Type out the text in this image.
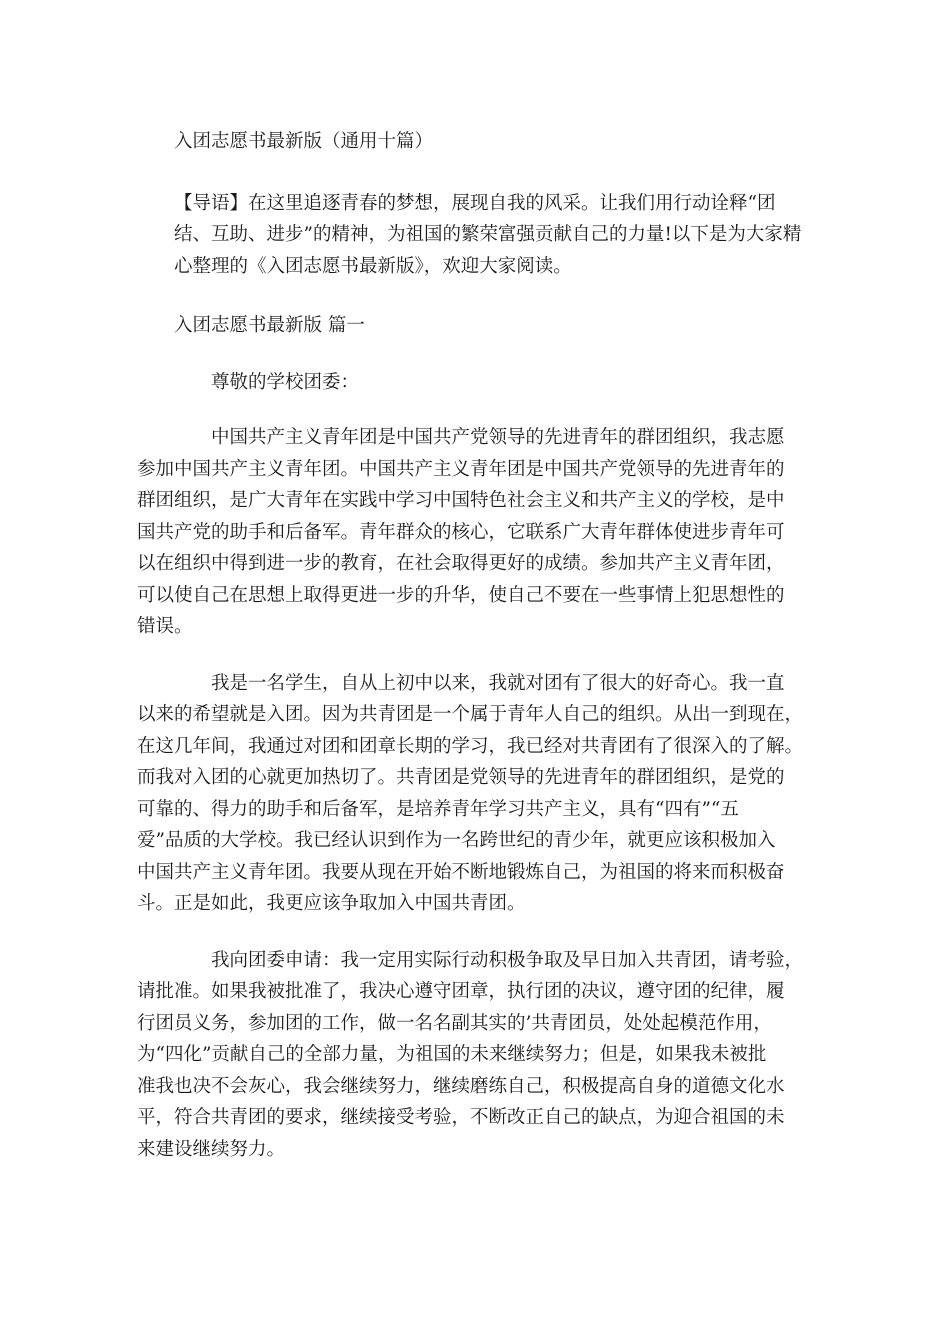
入团志愿书最新版（通用十篇）

【导语】在这里追逐青春的梦想，展现自我的风采。让我们用行动诠释“团

结、互助、进步”的精神，为祖国的繁荣富强贡献自己的力量!以下是为大家精

心整理的《入团志愿书最新版》，欢迎大家阅读。

入团志愿书最新版 篇一

尊敬的学校团委：

中国共产主义青年团是中国共产党领导的先进青年的群团组织，我志愿

参加中国共产主义青年团。中国共产主义青年团是中国共产党领导的先进青年的

群团组织，是广大青年在实践中学习中国特色社会主义和共产主义的学校，是中

国共产党的助手和后备军。青年群众的核心，它联系广大青年群体使进步青年可

以在组织中得到进一步的教育，在社会取得更好的成绩。参加共产主义青年团，

可以使自己在思想上取得更进一步的升华，使自己不要在一些事情上犯思想性的

错误。

我是一名学生，自从上初中以来，我就对团有了很大的好奇心。我一直

以来的希望就是入团。因为共青团是一个属于青年人自己的组织。从出一到现在，

在这几年间，我通过对团和团章长期的学习，我已经对共青团有了很深入的了解。

而我对入团的心就更加热切了。共青团是党领导的先进青年的群团组织，是党的

可靠的、得力的助手和后备军，是培养青年学习共产主义，具有“四有”“五

爱”品质的大学校。我已经认识到作为一名跨世纪的青少年，就更应该积极加入

中国共产主义青年团。我要从现在开始不断地锻炼自己，为祖国的将来而积极奋

斗。正是如此，我更应该争取加入中国共青团。

我向团委申请：我一定用实际行动积极争取及早日加入共青团，请考验，

请批准。如果我被批准了，我决心遵守团章，执行团的决议，遵守团的纪律，履

行团员义务，参加团的工作，做一名名副其实的’共青团员，处处起模范作用，

为“四化”贡献自己的全部力量，为祖国的未来继续努力；但是，如果我未被批

准我也决不会灰心，我会继续努力，继续磨练自己，积极提高自身的道德文化水

平，符合共青团的要求，继续接受考验，不断改正自己的缺点，为迎合祖国的未

来建设继续努力。
